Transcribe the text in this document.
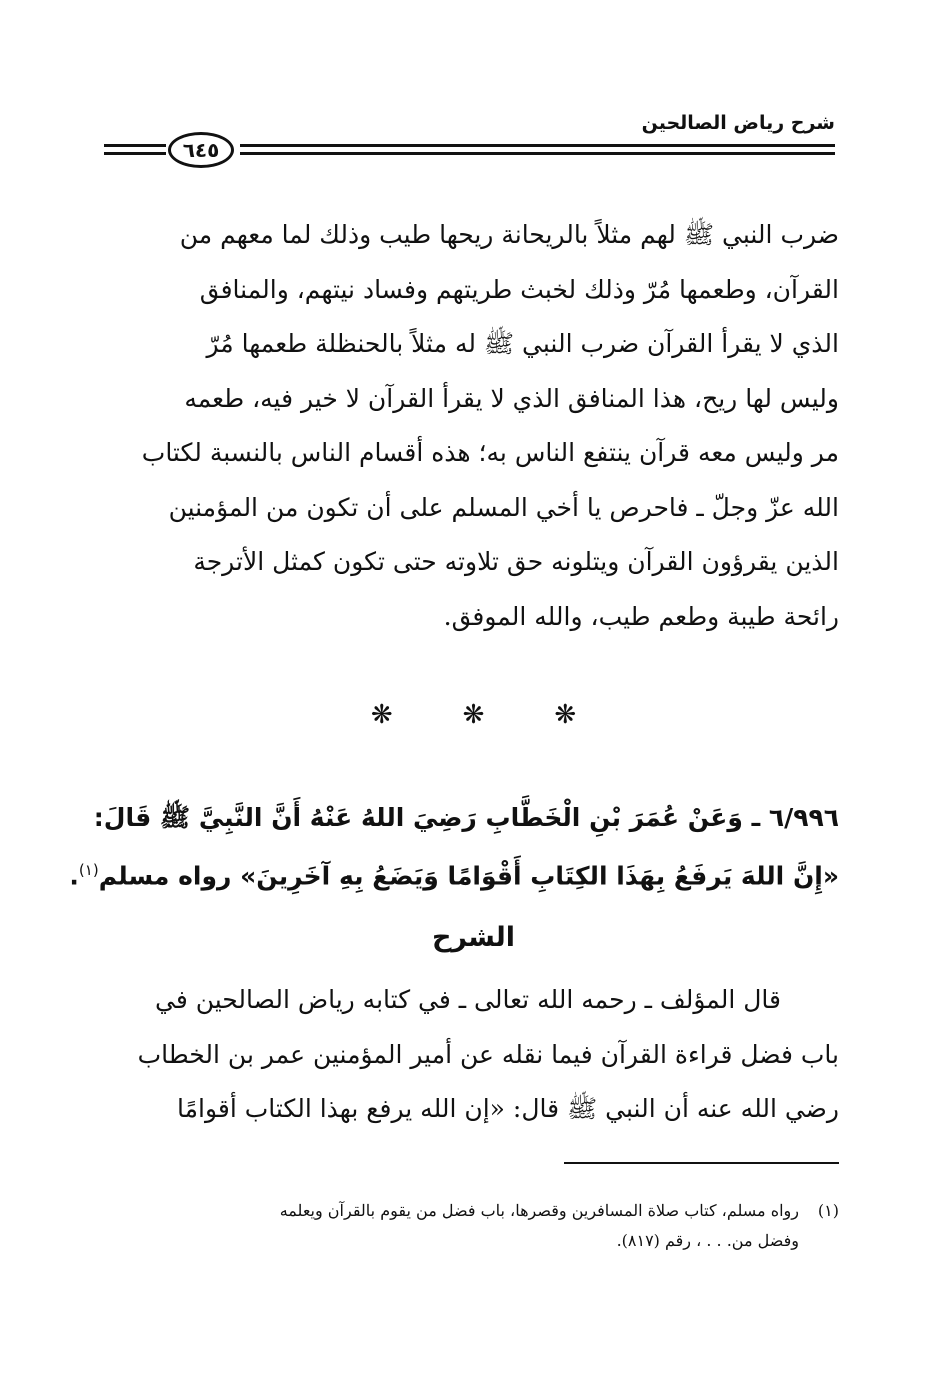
شرح رياض الصالحين
٦٤٥

ضرب النبي ﷺ لهم مثلاً بالريحانة ريحها طيب وذلك لما معهم من

القرآن، وطعمها مُرّ وذلك لخبث طريتهم وفساد نيتهم، والمنافق

الذي لا يقرأ القرآن ضرب النبي ﷺ له مثلاً بالحنظلة طعمها مُرّ

وليس لها ريح، هذا المنافق الذي لا يقرأ القرآن لا خير فيه، طعمه

مر وليس معه قرآن ينتفع الناس به؛ هذه أقسام الناس بالنسبة لكتاب

الله عزّ وجلّ ـ فاحرص يا أخي المسلم على أن تكون من المؤمنين

الذين يقرؤون القرآن ويتلونه حق تلاوته حتى تكون كمثل الأترجة

رائحة طيبة وطعم طيب، والله الموفق.

❋
❋
❋

٦/٩٩٦ ـ وَعَنْ عُمَرَ بْنِ الْخَطَّابِ رَضِيَ اللهُ عَنْهُ أَنَّ النَّبِيَّ ﷺ قَالَ:

«إِنَّ اللهَ يَرفَعُ بِهَذَا الكِتَابِ أَقْوَامًا وَيَضَعُ بِهِ آخَرِينَ» رواه مسلم$^{(١)}$.

الشرح

قال المؤلف ـ رحمه الله تعالى ـ في كتابه رياض الصالحين في

باب فضل قراءة القرآن فيما نقله عن أمير المؤمنين عمر بن الخطاب

رضي الله عنه أن النبي ﷺ قال: «إن الله يرفع بهذا الكتاب أقوامًا

(١)رواه مسلم، كتاب صلاة المسافرين وقصرها، باب فضل من يقوم بالقرآن ويعلمه

وفضل من. . . ، رقم (٨١٧).
